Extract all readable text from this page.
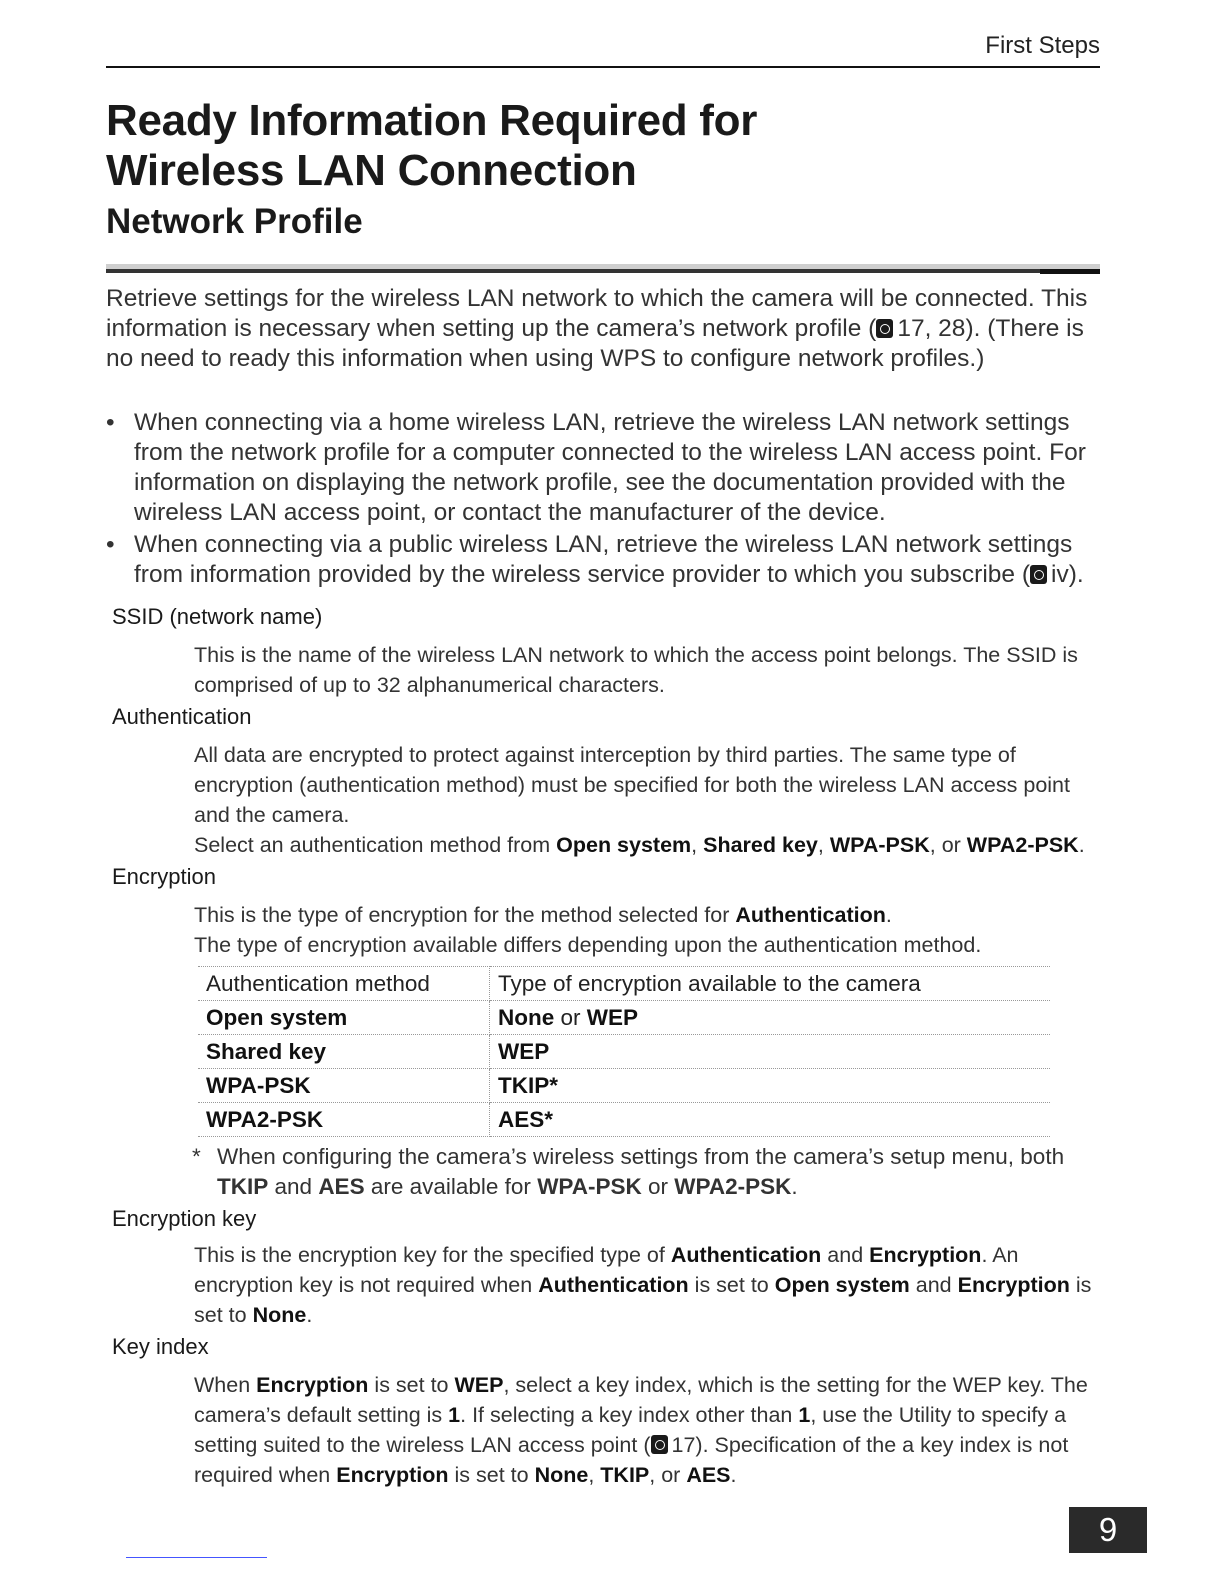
First Steps
Ready Information Required for
Wireless LAN Connection
Network Profile

Retrieve settings for the wireless LAN network to which the camera will be connected. This information is necessary when setting up the camera’s network profile ( 17, 28). (There is no need to ready this information when using WPS to configure network profiles.)

• When connecting via a home wireless LAN, retrieve the wireless LAN network settings from the network profile for a computer connected to the wireless LAN access point. For information on displaying the network profile, see the documentation provided with the wireless LAN access point, or contact the manufacturer of the device.
• When connecting via a public wireless LAN, retrieve the wireless LAN network settings from information provided by the wireless service provider to which you subscribe ( iv).
SSID (network name)

This is the name of the wireless LAN network to which the access point belongs. The SSID is comprised of up to 32 alphanumerical characters.

Authentication

All data are encrypted to protect against interception by third parties. The same type of encryption (authentication method) must be specified for both the wireless LAN access point and the camera.

Select an authentication method from Open system, Shared key, WPA-PSK, or WPA2-PSK.

Encryption

This is the type of encryption for the method selected for Authentication.

The type of encryption available differs depending upon the authentication method.

Authentication method	Type of encryption available to the camera
Open system	None or WEP
Shared key	WEP
WPA-PSK	TKIP*
WPA2-PSK	AES*

* When configuring the camera’s wireless settings from the camera’s setup menu, both TKIP and AES are available for WPA-PSK or WPA2-PSK.

Encryption key

This is the encryption key for the specified type of Authentication and Encryption. An encryption key is not required when Authentication is set to Open system and Encryption is set to None.

Key index

When Encryption is set to WEP, select a key index, which is the setting for the WEP key. The camera’s default setting is 1. If selecting a key index other than 1, use the Utility to specify a setting suited to the wireless LAN access point ( 17). Specification of the a key index is not required when Encryption is set to None, TKIP, or AES.

9
